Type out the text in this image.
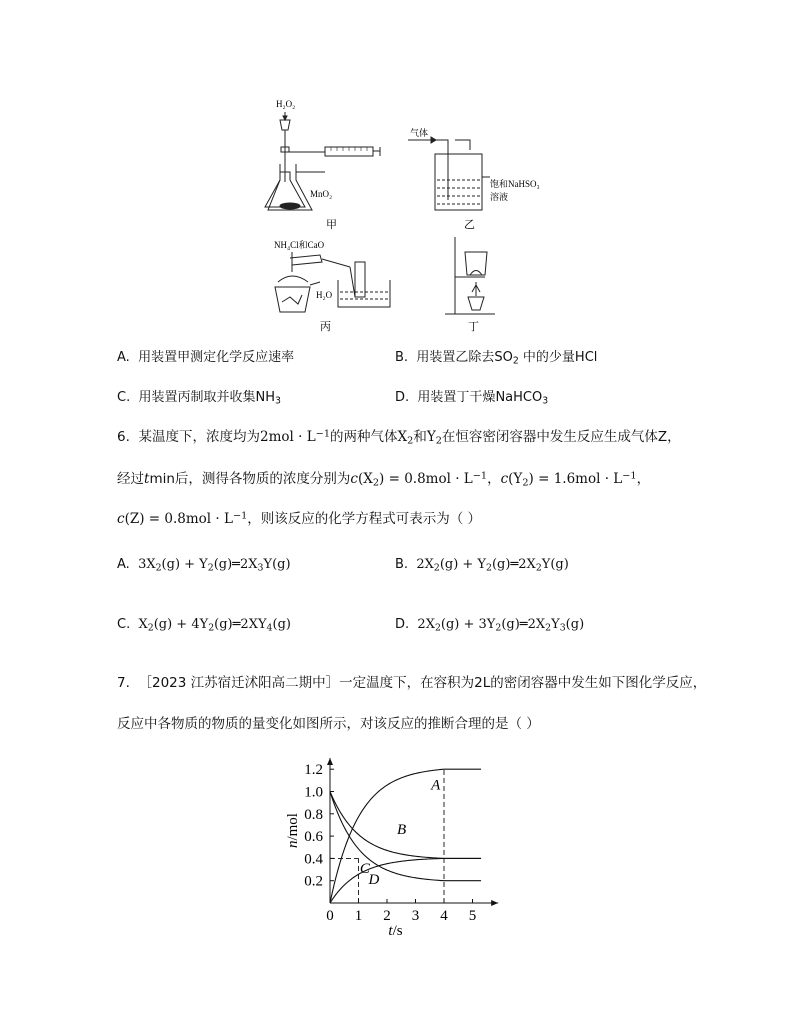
H₂O₂
MnO₂
甲
气体
饱和NaHSO₃
溶液
乙
NH₄Cl和CaO
H₂O
丙	丁
A. 用装置甲测定化学反应速率	B. 用装置乙除去$SO_2$ 中的少量HCl
C. 用装置丙制取并收集$NH_3$	D. 用装置丁干燥NaHCO$_3$
6. 某温度下，浓度均为$2mol \cdot L^{-1}$的两种气体$X_2$和$Y_2$在恒容密闭容器中发生反应生成气体Z，
经过tmin后，测得各物质的浓度分别为$c(X_2) = 0.8mol \cdot L^{-1}$，$c(Y_2) = 1.6mol \cdot L^{-1}$，
$c(Z) = 0.8mol \cdot L^{-1}$，则该反应的化学方程式可表示为（ ）
A. $3X_2(g)$ + $Y_2(g)═2X_3Y(g)$	B. $2X_2(g)$ + $Y_2(g)═2X_2Y(g)$
C. $X_2(g)$ + $4Y_2(g)═2XY_4(g)$	D. $2X_2(g)$ + $3Y_2(g)═2X_2Y_3(g)$
7. ［2023 江苏宿迁沭阳高二期中］一定温度下，在容积为2L的密闭容器中发生如下图化学反应，
反应中各物质的物质的量变化如图所示，对该反应的推断合理的是（ ）
0 1 2 3 4 5
0.2
0.4
0.6
0.8
1.0
1.2
A
B
C
D
t/s
n/mol
